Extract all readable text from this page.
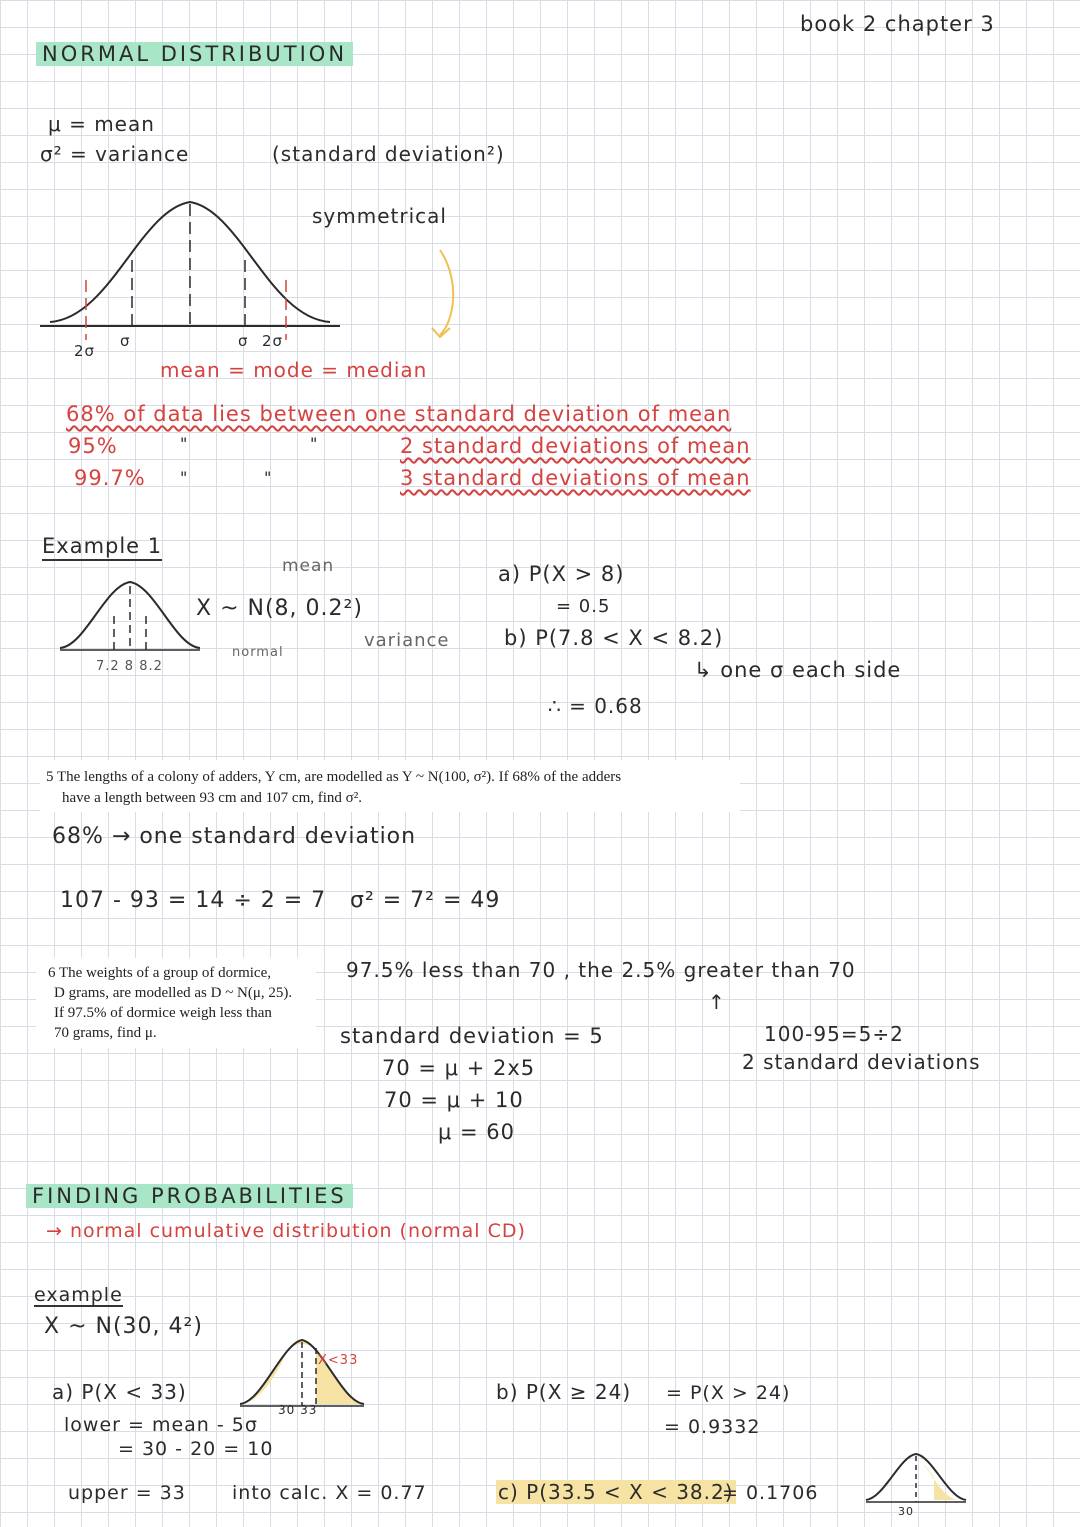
book 2 chapter 3
NORMAL DISTRIBUTION
μ = mean
σ² = variance	(standard deviation²)
symmetrical
2σ
σ	σ 2σ
mean = mode = median
68% of data lies between one standard deviation of mean
95%
99.7%
"
"
"
"
2 standard deviations of mean
3 standard deviations of mean
Example 1
7.2 8 8.2
mean
X ~ N(8, 0.2²)
variance
normal
a) P(X > 8)
= 0.5
b) P(7.8 < X < 8.2)
↳ one σ each side
∴ = 0.68
5 The lengths of a colony of adders, Y cm, are modelled as Y ~ N(100, σ²). If 68% of the adders
have a length between 93 cm and 107 cm, find σ².
68% → one standard deviation
107 - 93 = 14 ÷ 2 = 7 σ² = 7² = 49
6 The weights of a group of dormice,
D grams, are modelled as D ~ N(μ, 25).
If 97.5% of dormice weigh less than
70 grams, find μ.
97.5% less than 70 , the 2.5% greater than 70
↑
standard deviation = 5
70 = μ + 2x5
70 = μ + 10
μ = 60
100-95=5÷2
2 standard deviations
FINDING PROBABILITIES
→ normal cumulative distribution (normal CD)
example
X ~ N(30, 4²)
X<33
30 33
a) P(X < 33)
lower = mean - 5σ
= 30 - 20 = 10
upper = 33 into calc. X = 0.77
b) P(X ≥ 24) = P(X > 24)
= 0.9332
c) P(33.5 < X < 38.2)
= 0.1706
30
